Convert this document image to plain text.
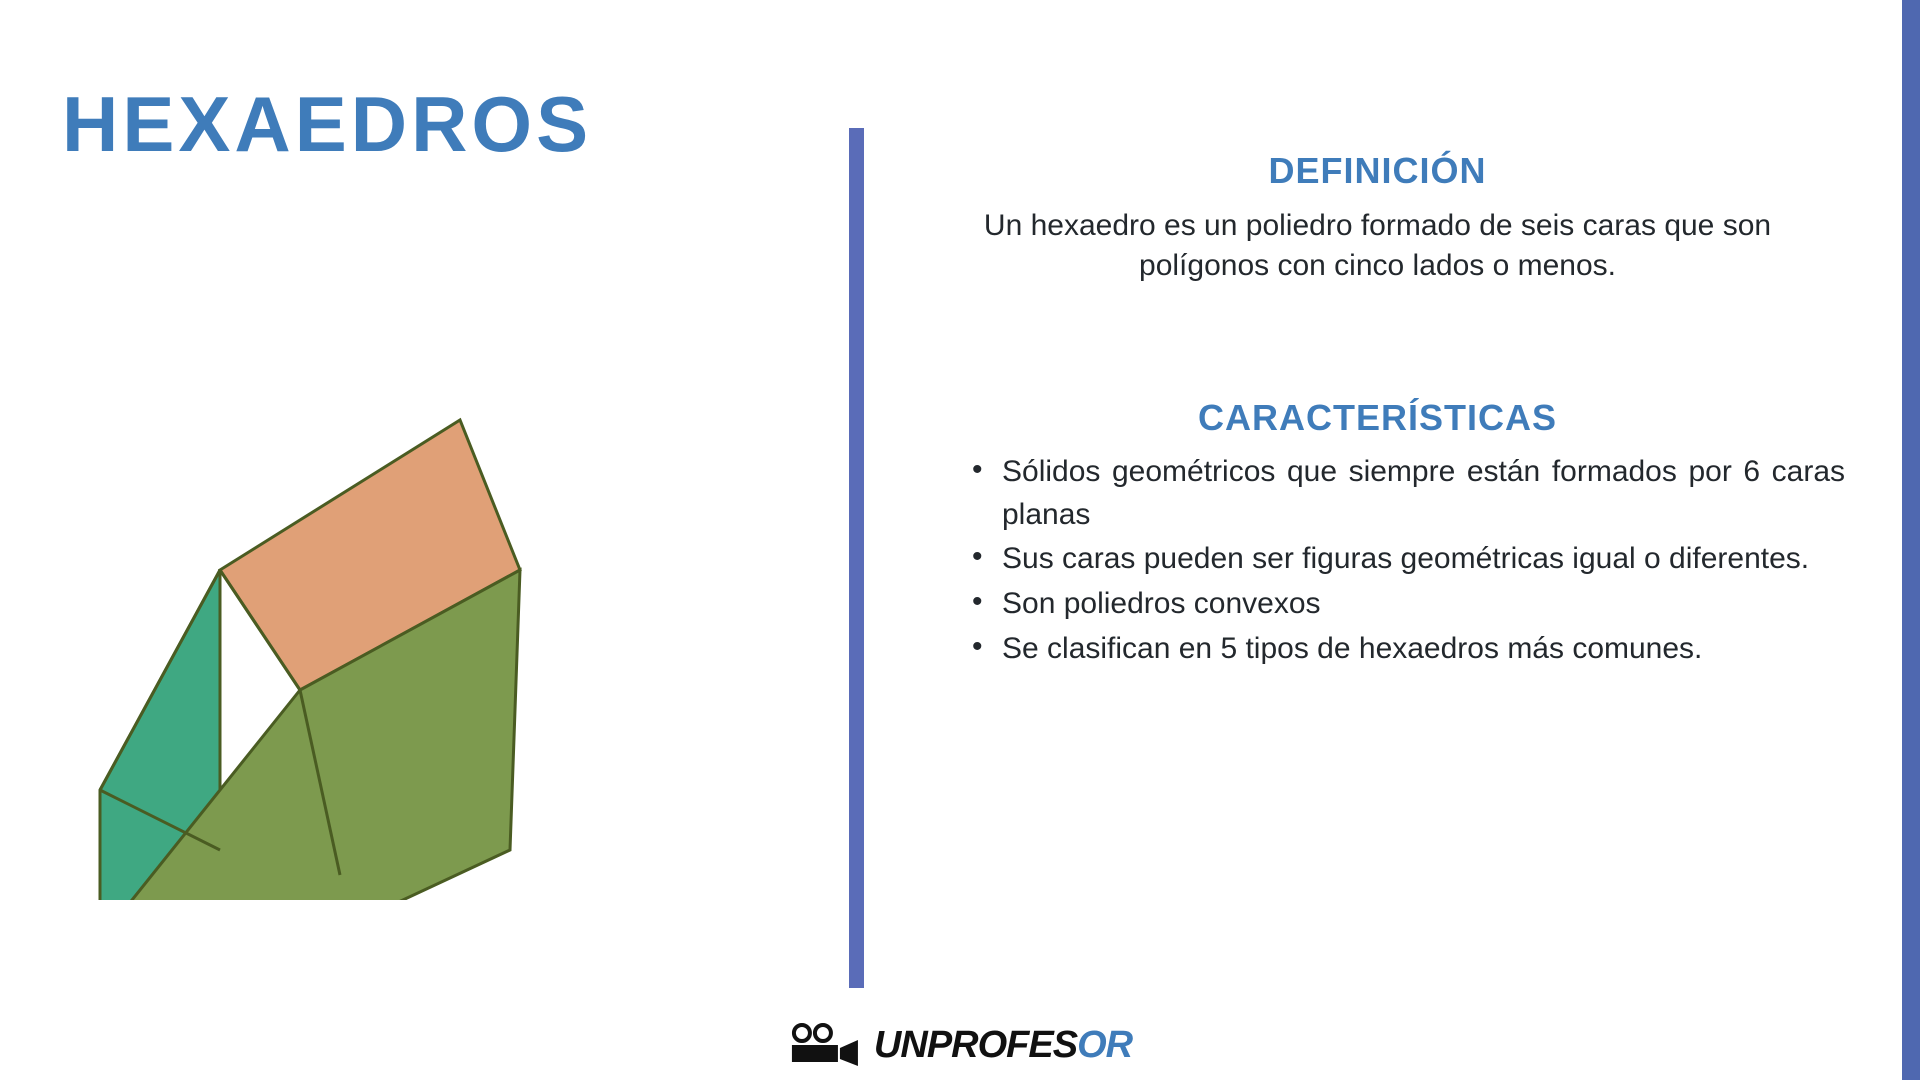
HEXAEDROS
DEFINICIÓN

Un hexaedro es un poliedro formado de seis caras que son polígonos con cinco lados o menos.

CARACTERÍSTICAS
• Sólidos geométricos que siempre están formados por 6 caras planas
• Sus caras pueden ser figuras geométricas igual o diferentes.
• Son poliedros convexos
• Se clasifican en 5 tipos de hexaedros más comunes.
UNPROFESOR
